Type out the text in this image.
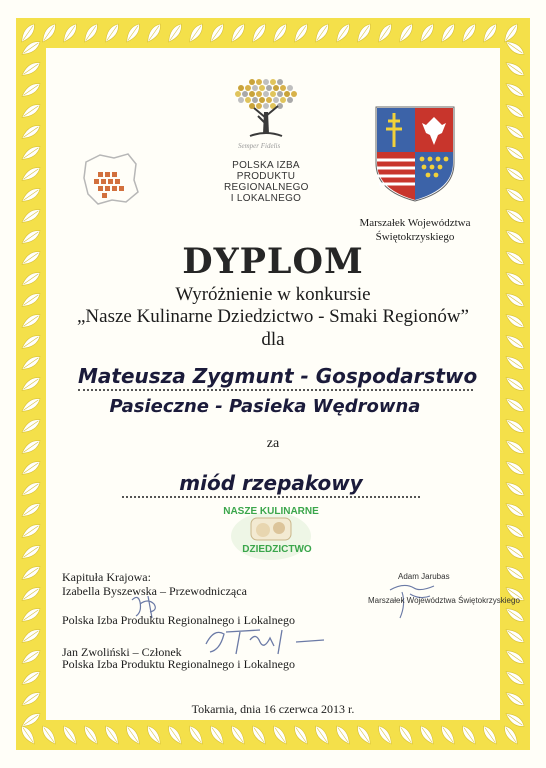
Semper Fidelis
POLSKA IZBA
PRODUKTU
REGIONALNEGO
I LOKALNEGO
Marszałek Województwa
Świętokrzyskiego
DYPLOM
Wyróżnienie w konkursie
„Nasze Kulinarne Dziedzictwo - Smaki Regionów”
dla
Mateusza Zygmunt - Gospodarstwo
Pasieczne - Pasieka Wędrowna
za
miód rzepakowy
NASZE KULINARNE
DZIEDZICTWO
Kapituła Krajowa:
Izabella Byszewska – Przewodnicząca
Polska Izba Produktu Regionalnego i Lokalnego
Jan Zwoliński – Członek
Polska Izba Produktu Regionalnego i Lokalnego
Adam Jarubas
Marszałek Województwa Świętokrzyskiego
Tokarnia, dnia 16 czerwca 2013 r.
